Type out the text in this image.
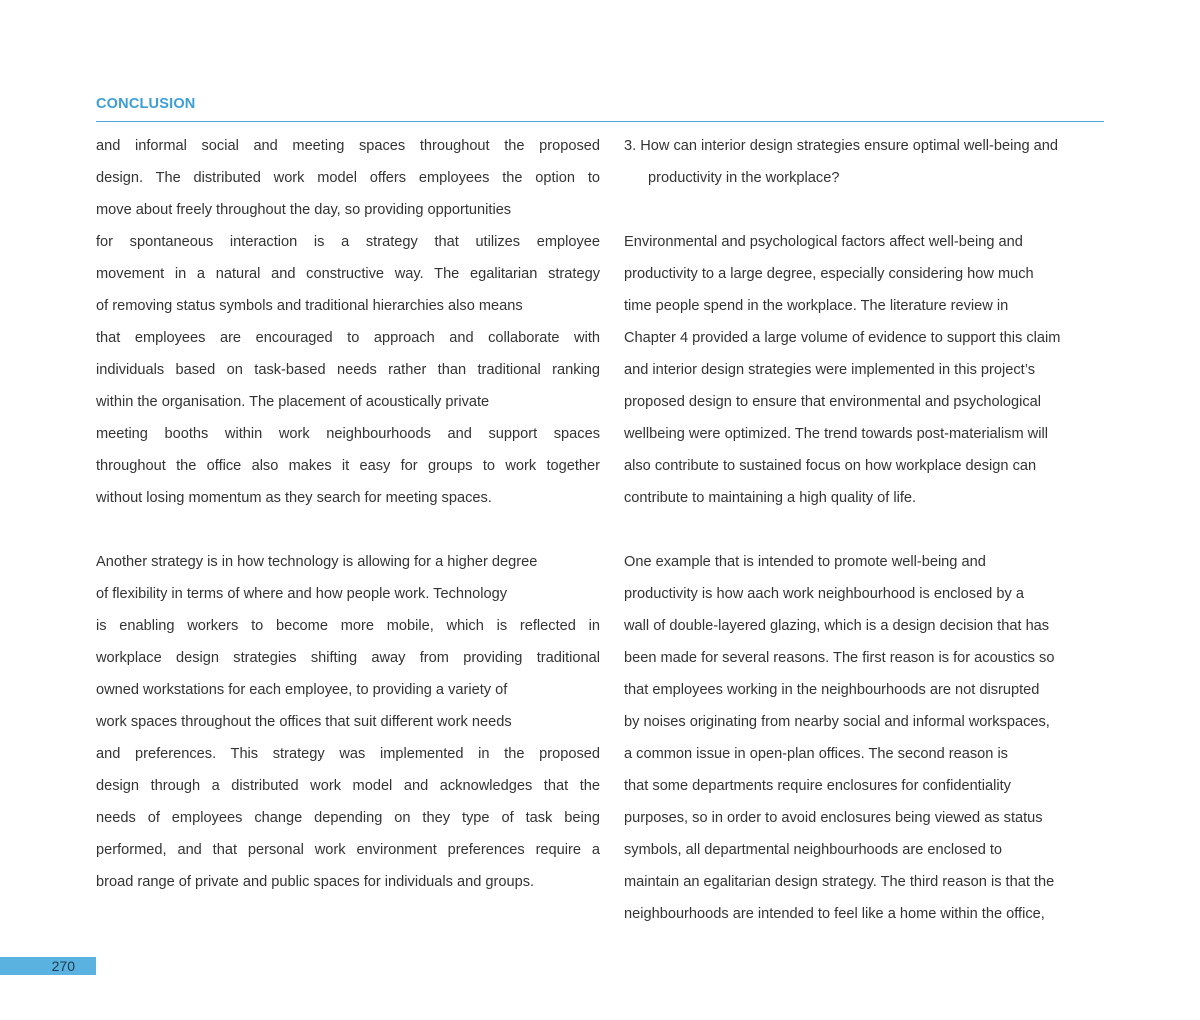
CONCLUSION
and informal social and meeting spaces throughout the proposed
design. The distributed work model offers employees the option to
move about freely throughout the day, so providing opportunities
for spontaneous interaction is a strategy that utilizes employee
movement in a natural and constructive way. The egalitarian strategy
of removing status symbols and traditional hierarchies also means
that employees are encouraged to approach and collaborate with
individuals based on task-based needs rather than traditional ranking
within the organisation. The placement of acoustically private
meeting booths within work neighbourhoods and support spaces
throughout the office also makes it easy for groups to work together
without losing momentum as they search for meeting spaces.
Another strategy is in how technology is allowing for a higher degree
of flexibility in terms of where and how people work. Technology
is enabling workers to become more mobile, which is reflected in
workplace design strategies shifting away from providing traditional
owned workstations for each employee, to providing a variety of
work spaces throughout the offices that suit different work needs
and preferences. This strategy was implemented in the proposed
design through a distributed work model and acknowledges that the
needs of employees change depending on they type of task being
performed, and that personal work environment preferences require a
broad range of private and public spaces for individuals and groups.
3. How can interior design strategies ensure optimal well-being and
productivity in the workplace?
Environmental and psychological factors affect well-being and
productivity to a large degree, especially considering how much
time people spend in the workplace. The literature review in
Chapter 4 provided a large volume of evidence to support this claim
and interior design strategies were implemented in this project’s
proposed design to ensure that environmental and psychological
wellbeing were optimized. The trend towards post-materialism will
also contribute to sustained focus on how workplace design can
contribute to maintaining a high quality of life.
One example that is intended to promote well-being and
productivity is how aach work neighbourhood is enclosed by a
wall of double-layered glazing, which is a design decision that has
been made for several reasons. The first reason is for acoustics so
that employees working in the neighbourhoods are not disrupted
by noises originating from nearby social and informal workspaces,
a common issue in open-plan offices. The second reason is
that some departments require enclosures for confidentiality
purposes, so in order to avoid enclosures being viewed as status
symbols, all departmental neighbourhoods are enclosed to
maintain an egalitarian design strategy. The third reason is that the
neighbourhoods are intended to feel like a home within the office,
270
